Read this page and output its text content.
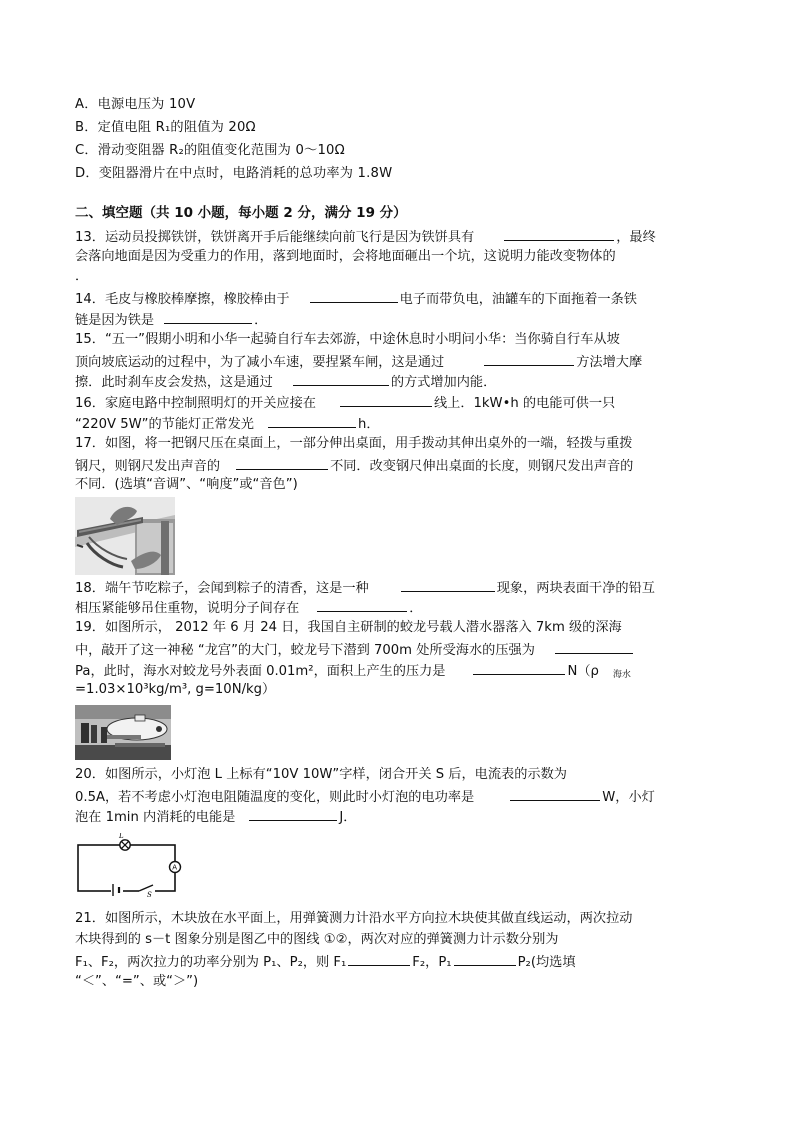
A．电源电压为 10V
B．定值电阻 R₁的阻值为 20Ω
C．滑动变阻器 R₂的阻值变化范围为 0～10Ω
D．变阻器滑片在中点时，电路消耗的总功率为 1.8W
二、填空题（共 10 小题，每小题 2 分，满分 19 分）
13．运动员投掷铁饼，铁饼离开手后能继续向前飞行是因为铁饼具有	，最终
会落向地面是因为受重力的作用，落到地面时，会将地面砸出一个坑，这说明力能改变物体的
．
14．毛皮与橡胶棒摩擦，橡胶棒由于	电子而带负电，油罐车的下面拖着一条铁
链是因为铁是	．
15．“五一”假期小明和小华一起骑自行车去郊游，中途休息时小明问小华：当你骑自行车从坡
顶向坡底运动的过程中，为了减小车速，要捏紧车闸，这是通过	方法增大摩
擦．此时刹车皮会发热，这是通过	的方式增加内能．
16．家庭电路中控制照明灯的开关应接在	线上．1kW•h 的电能可供一只
“220V 5W”的节能灯正常发光	h．
17．如图，将一把钢尺压在桌面上，一部分伸出桌面，用手拨动其伸出桌外的一端，轻拨与重拨
钢尺，则钢尺发出声音的	不同．改变钢尺伸出桌面的长度，则钢尺发出声音的
不同．(选填“音调”、“响度”或“音色”)
18．端午节吃粽子，会闻到粽子的清香，这是一种	现象，两块表面干净的铅互
相压紧能够吊住重物，说明分子间存在	．
19．如图所示， 2012 年 6 月 24 日，我国自主研制的蛟龙号载人潜水器落入 7km 级的深海
中，敲开了这一神秘 “龙宫”的大门，蛟龙号下潜到 700m 处所受海水的压强为
Pa，此时，海水对蛟龙号外表面 0.01m²，面积上产生的压力是	N（ρ $_{海水}$
=1.03×10³kg/m³, g=10N/kg）
20．如图所示，小灯泡 L 上标有“10V 10W”字样，闭合开关 S 后，电流表的示数为
0.5A，若不考虑小灯泡电阻随温度的变化，则此时小灯泡的电功率是	W，小灯
泡在 1min 内消耗的电能是	J．
L
A
S
21．如图所示，木块放在水平面上，用弹簧测力计沿水平方向拉木块使其做直线运动，两次拉动
木块得到的 s－t 图象分别是图乙中的图线 ①②，两次对应的弹簧测力计示数分别为
F₁、F₂，两次拉力的功率分别为 P₁、P₂，则 F₁	F₂，P₁	P₂(均选填
“＜”、“=”、或“＞”)
